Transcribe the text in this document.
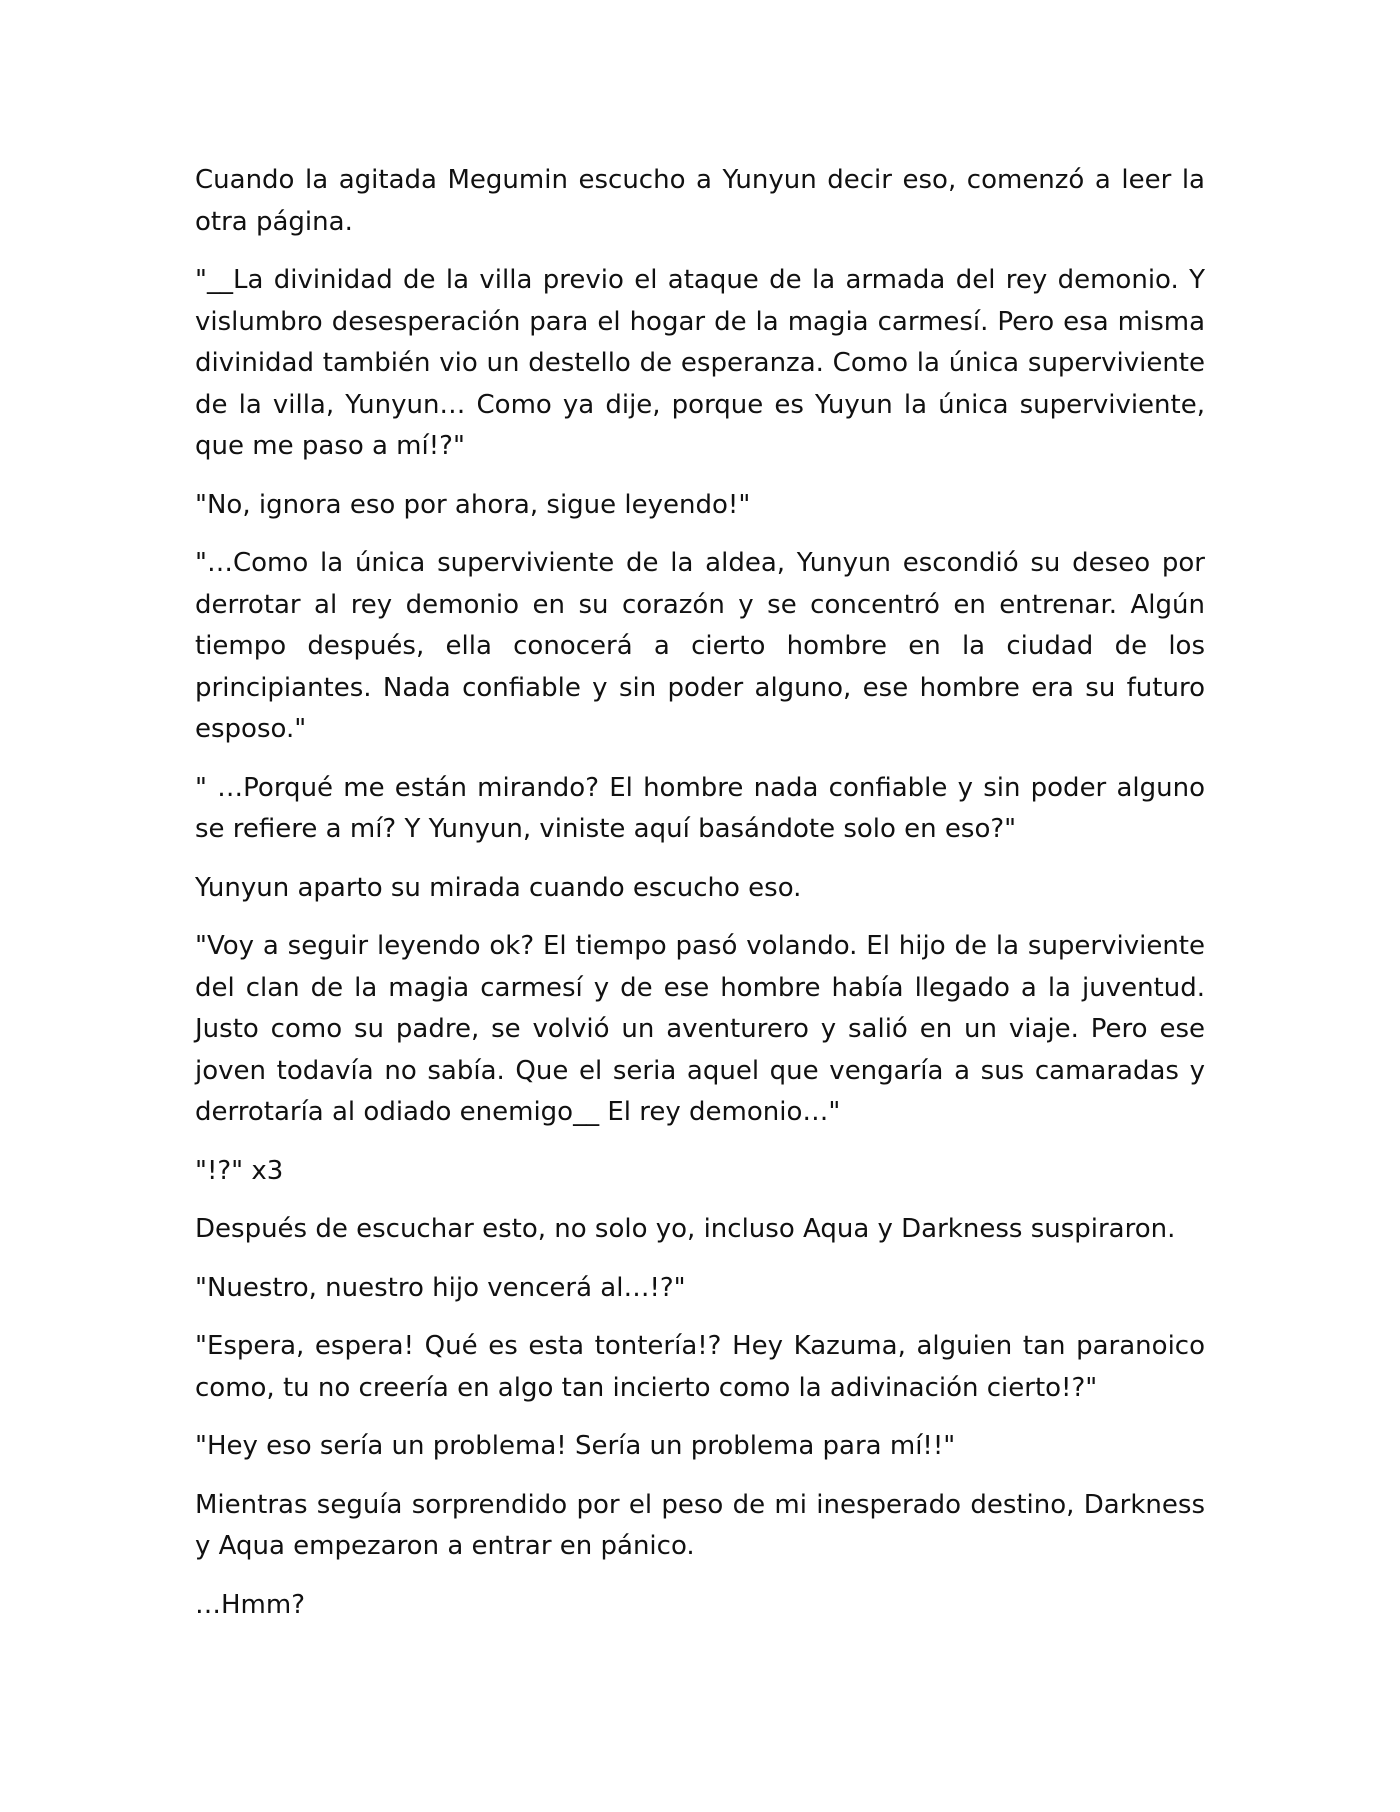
Cuando la agitada Megumin escucho a Yunyun decir eso, comenzó a leer la otra página.

"__La divinidad de la villa previo el ataque de la armada del rey demonio. Y vislumbro desesperación para el hogar de la magia carmesí. Pero esa misma divinidad también vio un destello de esperanza. Como la única superviviente de la villa, Yunyun… Como ya dije, porque es Yuyun la única superviviente, que me paso a mí!?"

"No, ignora eso por ahora, sigue leyendo!"

"…Como la única superviviente de la aldea, Yunyun escondió su deseo por derrotar al rey demonio en su corazón y se concentró en entrenar. Algún tiempo después, ella conocerá a cierto hombre en la ciudad de los principiantes. Nada confiable y sin poder alguno, ese hombre era su futuro esposo."

" …Porqué me están mirando? El hombre nada confiable y sin poder alguno se refiere a mí? Y Yunyun, viniste aquí basándote solo en eso?"

Yunyun aparto su mirada cuando escucho eso.

"Voy a seguir leyendo ok? El tiempo pasó volando. El hijo de la superviviente del clan de la magia carmesí y de ese hombre había llegado a la juventud. Justo como su padre, se volvió un aventurero y salió en un viaje. Pero ese joven todavía no sabía. Que el seria aquel que vengaría a sus camaradas y derrotaría al odiado enemigo__ El rey demonio…"

"!?" x3

Después de escuchar esto, no solo yo, incluso Aqua y Darkness suspiraron.

"Nuestro, nuestro hijo vencerá al…!?"

"Espera, espera! Qué es esta tontería!? Hey Kazuma, alguien tan paranoico como, tu no creería en algo tan incierto como la adivinación cierto!?"

"Hey eso sería un problema! Sería un problema para mí!!"

Mientras seguía sorprendido por el peso de mi inesperado destino, Darkness y Aqua empezaron a entrar en pánico.

…Hmm?
